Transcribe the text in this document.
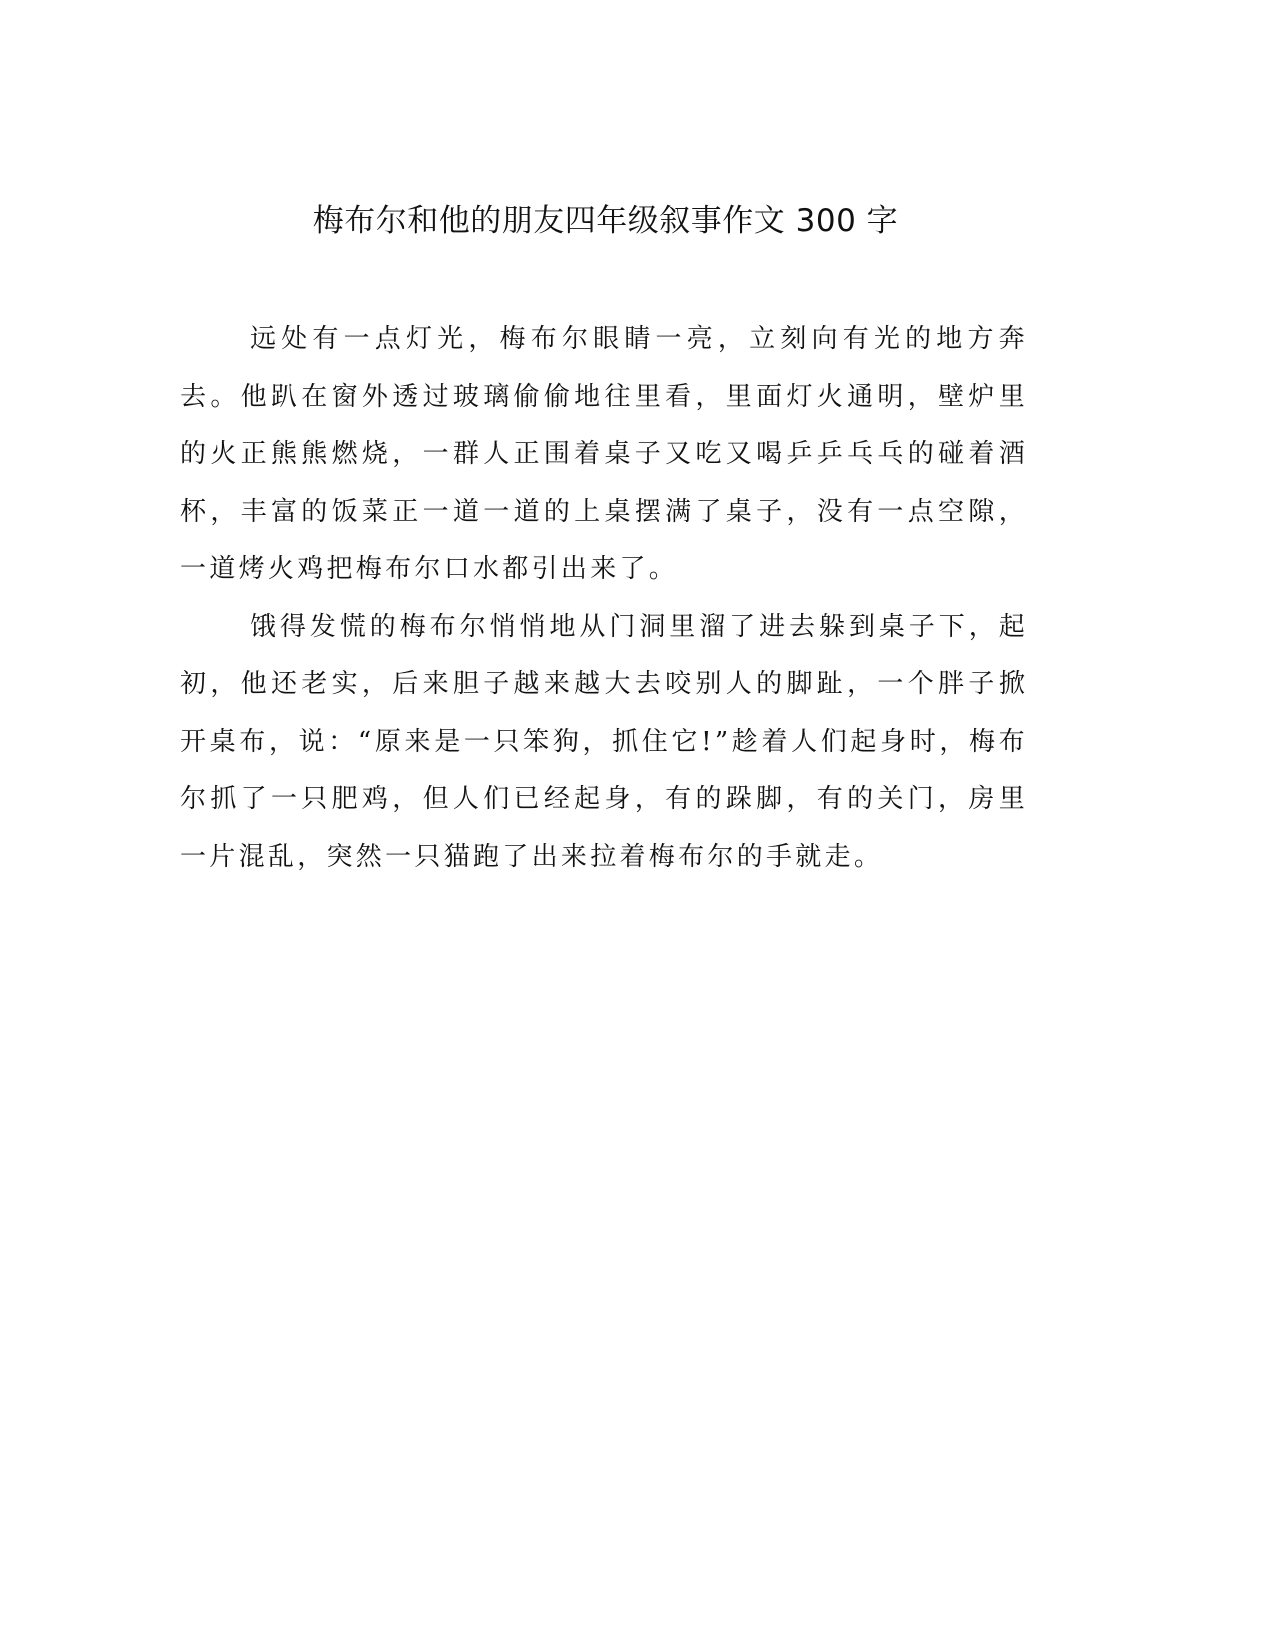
梅布尔和他的朋友四年级叙事作文 300 字

远处有一点灯光，梅布尔眼睛一亮，立刻向有光的地方奔去。他趴在窗外透过玻璃偷偷地往里看，里面灯火通明，壁炉里的火正熊熊燃烧，一群人正围着桌子又吃又喝乒乒乓乓的碰着酒杯，丰富的饭菜正一道一道的上桌摆满了桌子，没有一点空隙，一道烤火鸡把梅布尔口水都引出来了。

饿得发慌的梅布尔悄悄地从门洞里溜了进去躲到桌子下，起初，他还老实，后来胆子越来越大去咬别人的脚趾，一个胖子掀开桌布，说：“原来是一只笨狗，抓住它!”趁着人们起身时，梅布尔抓了一只肥鸡，但人们已经起身，有的跺脚，有的关门，房里一片混乱，突然一只猫跑了出来拉着梅布尔的手就走。
